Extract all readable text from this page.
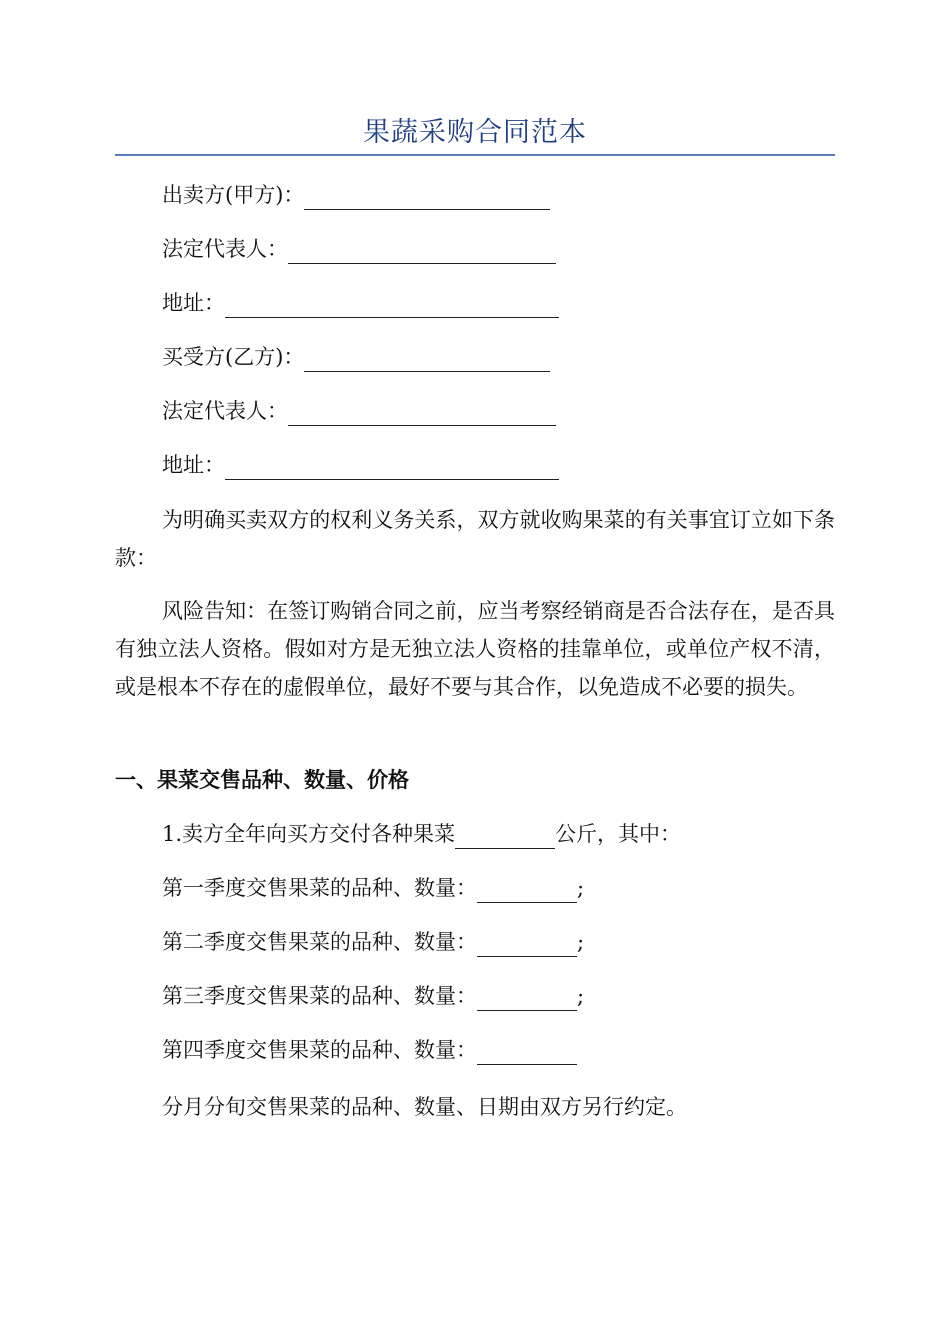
果蔬采购合同范本
出卖方(甲方)：
法定代表人：
地址：
买受方(乙方)：
法定代表人：
地址：

为明确买卖双方的权利义务关系，双方就收购果菜的有关事宜订立如下条款：

风险告知：在签订购销合同之前，应当考察经销商是否合法存在，是否具有独立法人资格。假如对方是无独立法人资格的挂靠单位，或单位产权不清，或是根本不存在的虚假单位，最好不要与其合作，以免造成不必要的损失。

一、果菜交售品种、数量、价格
1.卖方全年向买方交付各种果菜	公斤，其中：
第一季度交售果菜的品种、数量：	;
第二季度交售果菜的品种、数量：	;
第三季度交售果菜的品种、数量：	;
第四季度交售果菜的品种、数量：
分月分旬交售果菜的品种、数量、日期由双方另行约定。
